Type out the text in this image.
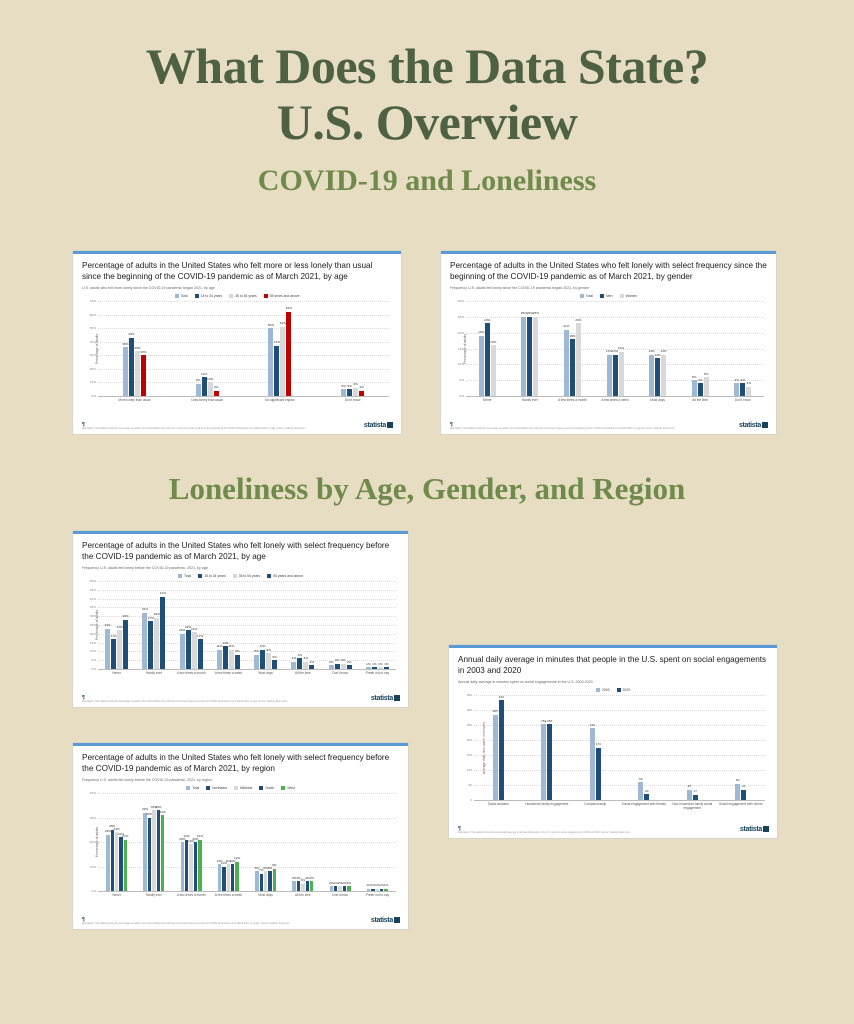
What Does the Data State?
U.S. Overview
COVID-19 and Loneliness
Loneliness by Age, Gender, and Region
Percentage of adults in the United States who felt more or less lonely than usual since the beginning of the COVID-19 pandemic as of March 2021, by age
U.S. adults who felt more lonely since the COVID-19 pandemic began 2021, by age
Total	18 to 34 years	35 to 54 years	55 years and above
Percentage of adults
0%
10%
20%
30%
40%
50%
60%
70%
36%
43%
33%
30%
9%
14%
10%
4%
50%
37%
51%
62%
5% 5% 6%
4%
More lonely than usual	Less lonely than usual	No significant impact	Don't know
Description: This statistic shows the percentage of adults in the United States who felt more or less lonely than usual since the beginning of the COVID-19 pandemic as of March 2021, by age. Source: Statista. Read more
¶	statista
Percentage of adults in the United States who felt lonely with select frequency since the beginning of the COVID-19 pandemic as of March 2021, by gender
Frequency U.S. adults felt lonely since the COVID-19 pandemic began 2021, by gender
Total	Men	Women
Percentage of adults
0%
5%
10%
15%
20%
25%
30%
19%
23%
16%
25% 25% 25%
21%
18%
23%
13% 13%
14%
13%
12%
13%
5%
4%
6%
4% 4%
3%
Never	Hardly ever	A few times a month	A few times a week	Most days	All the time	Don't know
Description: This statistic shows the percentage of adults in the United States who felt lonely with select frequency since the beginning of the COVID-19 pandemic as of March 2021, by gender. Source: Statista. Read more
¶	statista
Percentage of adults in the United States who felt lonely with select frequency before the COVID-19 pandemic as of March 2021, by age
Frequency U.S. adults felt lonely before the COVID-19 pandemic, 2021, by age
Total	18 to 34 years	35 to 54 years	55 years and above
Percentage of adults
0%
5%
10%
15%
20%
25%
30%
35%
40%
45%
50%
23%
17%
22%
28%
32%
27%
29%
41%
20%
22% 21%
17%
11%
13%
11%
8%	8%
11%
9%
5%	4%
6%
4%
2%	2% 3% 3% 2%	1% 1% 1% 1%
Never	Hardly ever	A few times a month	A few times a week	Most days	All the time	Don't know	Prefer not to say
Description: This statistic shows the percentage of adults in the United States who felt lonely with select frequency before the COVID-19 pandemic as of March 2021, by age. Source: Statista. Read more
¶	statista
Percentage of adults in the United States who felt lonely with select frequency before the COVID-19 pandemic as of March 2021, by region
Frequency U.S. adults felt lonely before the COVID-19 pandemic, 2021, by region
Total	Northeast	Midwest	South	West
Percentage of adults
0%
10%
20%
30%
40%
23%
25%
24%
22%
21%
32%
30%
33%
33%
31%
20%
21%
19%
20%
21%
11%
10%
11%
11%
12%
8%
7%
8% 8%
9%
4% 4%
3%
4% 4%
2% 2% 2% 2% 2%
1% 1% 1% 1% 1%
Never	Hardly ever	A few times a month	A few times a week	Most days	All the time	Don't know	Prefer not to say
Description: This statistic shows the percentage of adults in the United States who felt lonely with select frequency before the COVID-19 pandemic as of March 2021, by region. Source: Statista. Read more
¶	statista
Annual daily average in minutes that people in the U.S. spent on social engagements in 2003 and 2020
Annual daily average in minutes spent on social engagements in the U.S. 2003-2020
2003	2020
Average daily time spent in minutes
0
50
100
150
200
250
300
350
285
333
252 253
240
174
60
20
35
17
54
34
Social isolation	Household family engagement	Companionship	Social engagement with friends	Non-household family social engagement
Social engagement with others
Description: This statistic shows the annual daily average in minutes that people in the U.S. spent on social engagements in 2003 and 2020. Source: Statista. Read more
¶	statista
